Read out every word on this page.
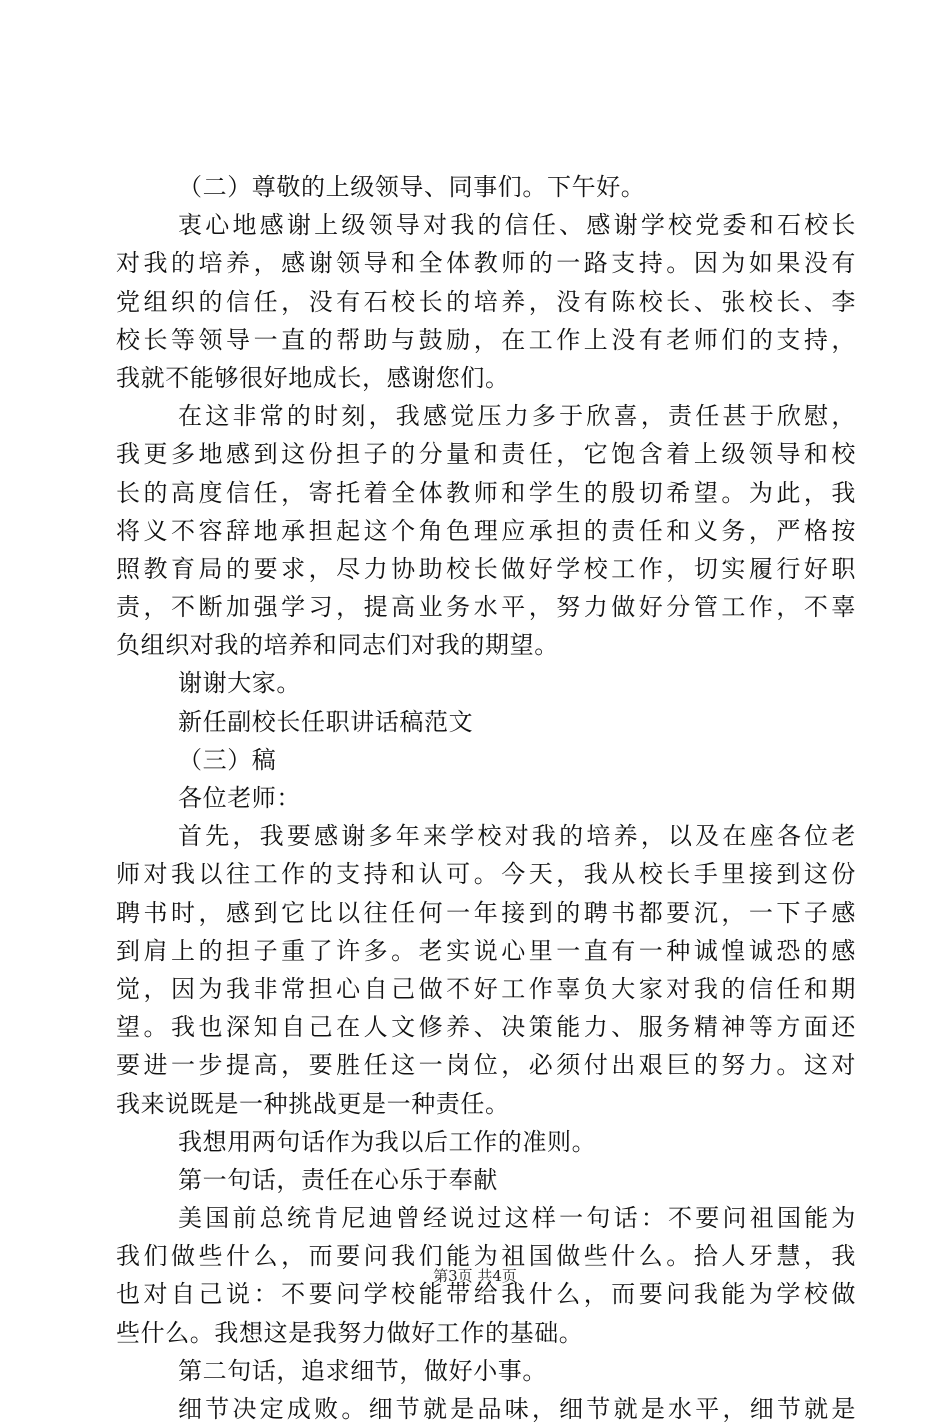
（二）尊敬的上级领导、同事们。下午好。
衷心地感谢上级领导对我的信任、感谢学校党委和石校长
对我的培养，感谢领导和全体教师的一路支持。因为如果没有
党组织的信任，没有石校长的培养，没有陈校长、张校长、李
校长等领导一直的帮助与鼓励，在工作上没有老师们的支持，
我就不能够很好地成长，感谢您们。
在这非常的时刻，我感觉压力多于欣喜，责任甚于欣慰，
我更多地感到这份担子的分量和责任，它饱含着上级领导和校
长的高度信任，寄托着全体教师和学生的殷切希望。为此，我
将义不容辞地承担起这个角色理应承担的责任和义务，严格按
照教育局的要求，尽力协助校长做好学校工作，切实履行好职
责，不断加强学习，提高业务水平，努力做好分管工作，不辜
负组织对我的培养和同志们对我的期望。
谢谢大家。
新任副校长任职讲话稿范文
（三）稿
各位老师：
首先，我要感谢多年来学校对我的培养，以及在座各位老
师对我以往工作的支持和认可。今天，我从校长手里接到这份
聘书时，感到它比以往任何一年接到的聘书都要沉，一下子感
到肩上的担子重了许多。老实说心里一直有一种诚惶诚恐的感
觉，因为我非常担心自己做不好工作辜负大家对我的信任和期
望。我也深知自己在人文修养、决策能力、服务精神等方面还
要进一步提高，要胜任这一岗位，必须付出艰巨的努力。这对
我来说既是一种挑战更是一种责任。
我想用两句话作为我以后工作的准则。
第一句话，责任在心乐于奉献
美国前总统肯尼迪曾经说过这样一句话：不要问祖国能为
我们做些什么，而要问我们能为祖国做些什么。拾人牙慧，我
也对自己说：不要问学校能带给我什么，而要问我能为学校做
些什么。我想这是我努力做好工作的基础。
第二句话，追求细节，做好小事。
细节决定成败。细节就是品味，细节就是水平，细节就是
第3页 共4页
